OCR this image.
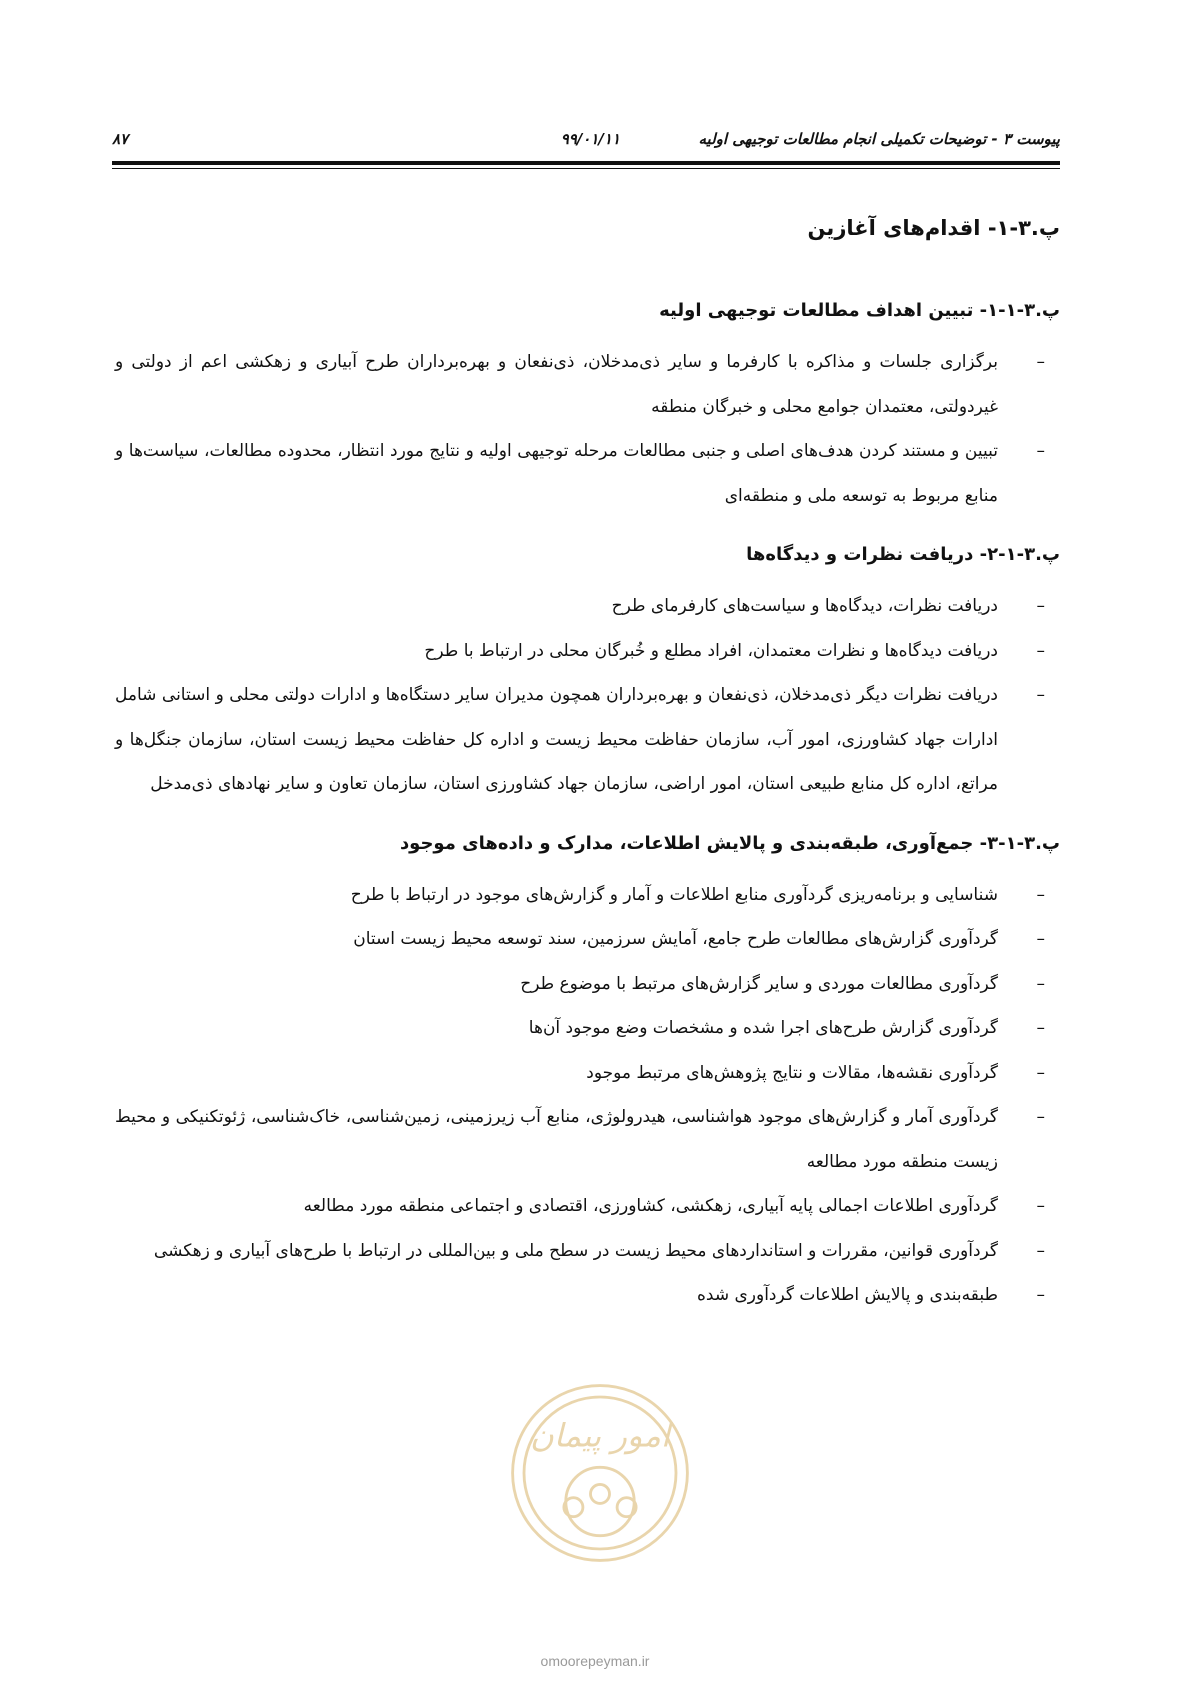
پیوست ۳ - توضیحات تکمیلی انجام مطالعات توجیهی اولیه
۹۹/۰۱/۱۱
۸۷
پ.۳-۱- اقدام‌های آغازین
پ.۳-۱-۱- تبیین اهداف مطالعات توجیهی اولیه
–
برگزاری جلسات و مذاکره با کارفرما و سایر ذی‌مدخلان، ذی‌نفعان و بهره‌برداران طرح آبیاری و زهکشی اعم از دولتی و غیردولتی، معتمدان جوامع محلی و خبرگان منطقه
–
تبیین و مستند کردن هدف‌های اصلی و جنبی مطالعات مرحله توجیهی اولیه و نتایج مورد انتظار، محدوده مطالعات، سیاست‌ها و منابع مربوط به توسعه ملی و منطقه‌ای
پ.۳-۱-۲- دریافت نظرات و دیدگاه‌ها
–
دریافت نظرات، دیدگاه‌ها و سیاست‌های کارفرمای طرح
–
دریافت دیدگاه‌ها و نظرات معتمدان، افراد مطلع و خُبرگان محلی در ارتباط با طرح
–
دریافت نظرات دیگر ذی‌مدخلان، ذی‌نفعان و بهره‌برداران همچون مدیران سایر دستگاه‌ها و ادارات دولتی محلی و استانی شامل ادارات جهاد کشاورزی، امور آب، سازمان حفاظت محیط زیست و اداره کل حفاظت محیط زیست استان، سازمان جنگل‌ها و مراتع، اداره کل منابع طبیعی استان، امور اراضی، سازمان جهاد کشاورزی استان، سازمان تعاون و سایر نهادهای ذی‌مدخل
پ.۳-۱-۳- جمع‌آوری، طبقه‌بندی و پالایش اطلاعات، مدارک و داده‌های موجود
–
شناسایی و برنامه‌ریزی گردآوری منابع اطلاعات و آمار و گزارش‌های موجود در ارتباط با طرح
–
گردآوری گزارش‌های مطالعات طرح جامع، آمایش سرزمین، سند توسعه محیط زیست استان
–
گردآوری مطالعات موردی و سایر گزارش‌های مرتبط با موضوع طرح
–
گردآوری گزارش طرح‌های اجرا شده و مشخصات وضع موجود آن‌ها
–
گردآوری نقشه‌ها، مقالات و نتایج پژوهش‌های مرتبط موجود
–
گردآوری آمار و گزارش‌های موجود هواشناسی، هیدرولوژی، منابع آب زیرزمینی، زمین‌شناسی، خاک‌شناسی، ژئوتکنیکی و محیط زیست منطقه مورد مطالعه
–
گردآوری اطلاعات اجمالی پایه آبیاری، زهکشی، کشاورزی، اقتصادی و اجتماعی منطقه مورد مطالعه
–
گردآوری قوانین، مقررات و استانداردهای محیط زیست در سطح ملی و بین‌المللی در ارتباط با طرح‌های آبیاری و زهکشی
–
طبقه‌بندی و پالایش اطلاعات گردآوری شده
امور پیمان
omoorepeyman.ir
